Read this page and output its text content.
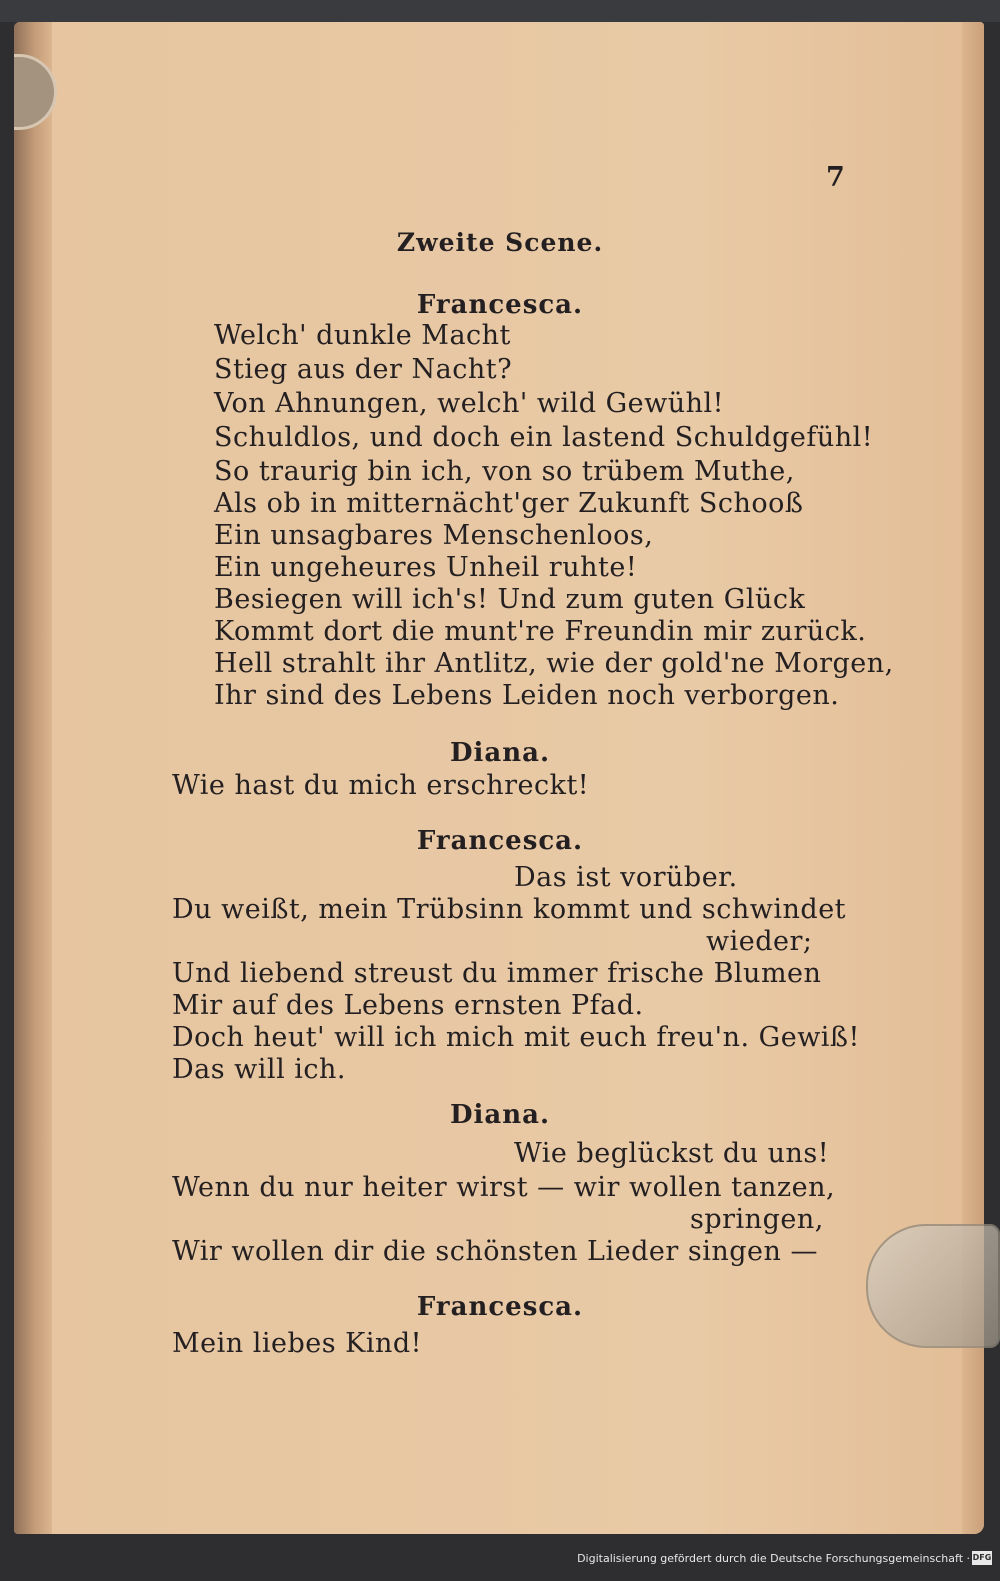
7
Zweite Scene.
Francesca.
Welch' dunkle Macht
Stieg aus der Nacht?
Von Ahnungen, welch' wild Gewühl!
Schuldlos, und doch ein lastend Schuldgefühl!
So traurig bin ich, von so trübem Muthe,
Als ob in mitternächt'ger Zukunft Schooß
Ein unsagbares Menschenloos,
Ein ungeheures Unheil ruhte!
Besiegen will ich's! Und zum guten Glück
Kommt dort die munt're Freundin mir zurück.
Hell strahlt ihr Antlitz, wie der gold'ne Morgen,
Ihr sind des Lebens Leiden noch verborgen.
Diana.
Wie hast du mich erschreckt!
Francesca.
Das ist vorüber.
Du weißt, mein Trübsinn kommt und schwindet
wieder;
Und liebend streust du immer frische Blumen
Mir auf des Lebens ernsten Pfad.
Doch heut' will ich mich mit euch freu'n. Gewiß!
Das will ich.
Diana.
Wie beglückst du uns!
Wenn du nur heiter wirst — wir wollen tanzen,
springen,
Wir wollen dir die schönsten Lieder singen —
Francesca.
Mein liebes Kind!
Digitalisierung gefördert durch die Deutsche Forschungsgemeinschaft · DFG
